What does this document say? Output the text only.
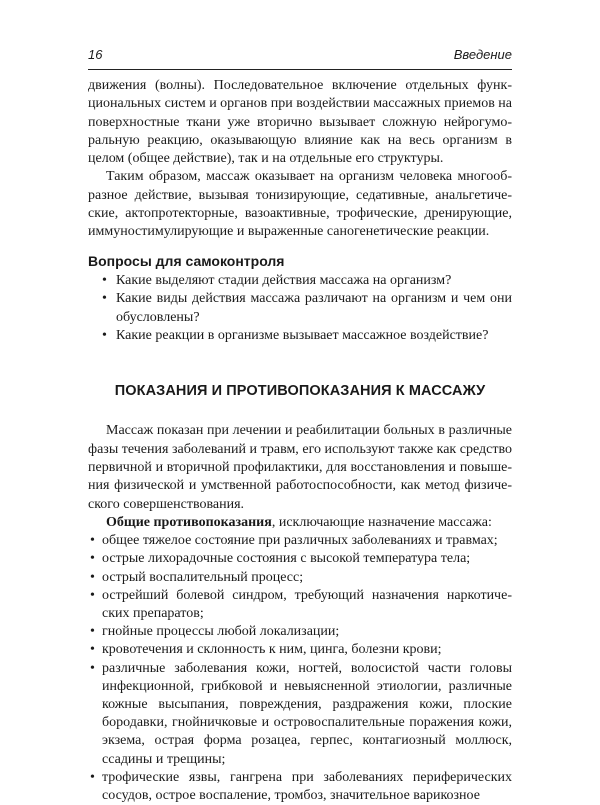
16	Введение

движения (волны). Последовательное включение отдельных функциональных систем и органов при воздействии массажных приемов на поверхностные ткани уже вторично вызывает сложную нейрогуморальную реакцию, оказывающую влияние как на весь организм в целом (общее действие), так и на отдельные его структуры.

Таким образом, массаж оказывает на организм человека многообразное действие, вызывая тонизирующие, седативные, анальгетические, актопротекторные, вазоактивные, трофические, дренирующие, иммуностимулирующие и выраженные саногенетические реакции.

Вопросы для самоконтроля
• Какие выделяют стадии действия массажа на организм?
• Какие виды действия массажа различают на организм и чем они обусловлены?
• Какие реакции в организме вызывает массажное воздействие?
ПОКАЗАНИЯ И ПРОТИВОПОКАЗАНИЯ К МАССАЖУ

Массаж показан при лечении и реабилитации больных в различные фазы течения заболеваний и травм, его используют также как средство первичной и вторичной профилактики, для восстановления и повышения физической и умственной работоспособности, как метод физического совершенствования.

Общие противопоказания, исключающие назначение массажа:

• общее тяжелое состояние при различных заболеваниях и травмах;
• острые лихорадочные состояния с высокой температура тела;
• острый воспалительный процесс;
• острейший болевой синдром, требующий назначения наркотических препаратов;
• гнойные процессы любой локализации;
• кровотечения и склонность к ним, цинга, болезни крови;
• различные заболевания кожи, ногтей, волосистой части головы инфекционной, грибковой и невыясненной этиологии, различные кожные высыпания, повреждения, раздражения кожи, плоские бородавки, гнойничковые и островоспалительные поражения кожи, экзема, острая форма розацеа, герпес, контагиозный моллюск, ссадины и трещины;
• трофические язвы, гангрена при заболеваниях периферических сосудов, острое воспаление, тромбоз, значительное варикозное
